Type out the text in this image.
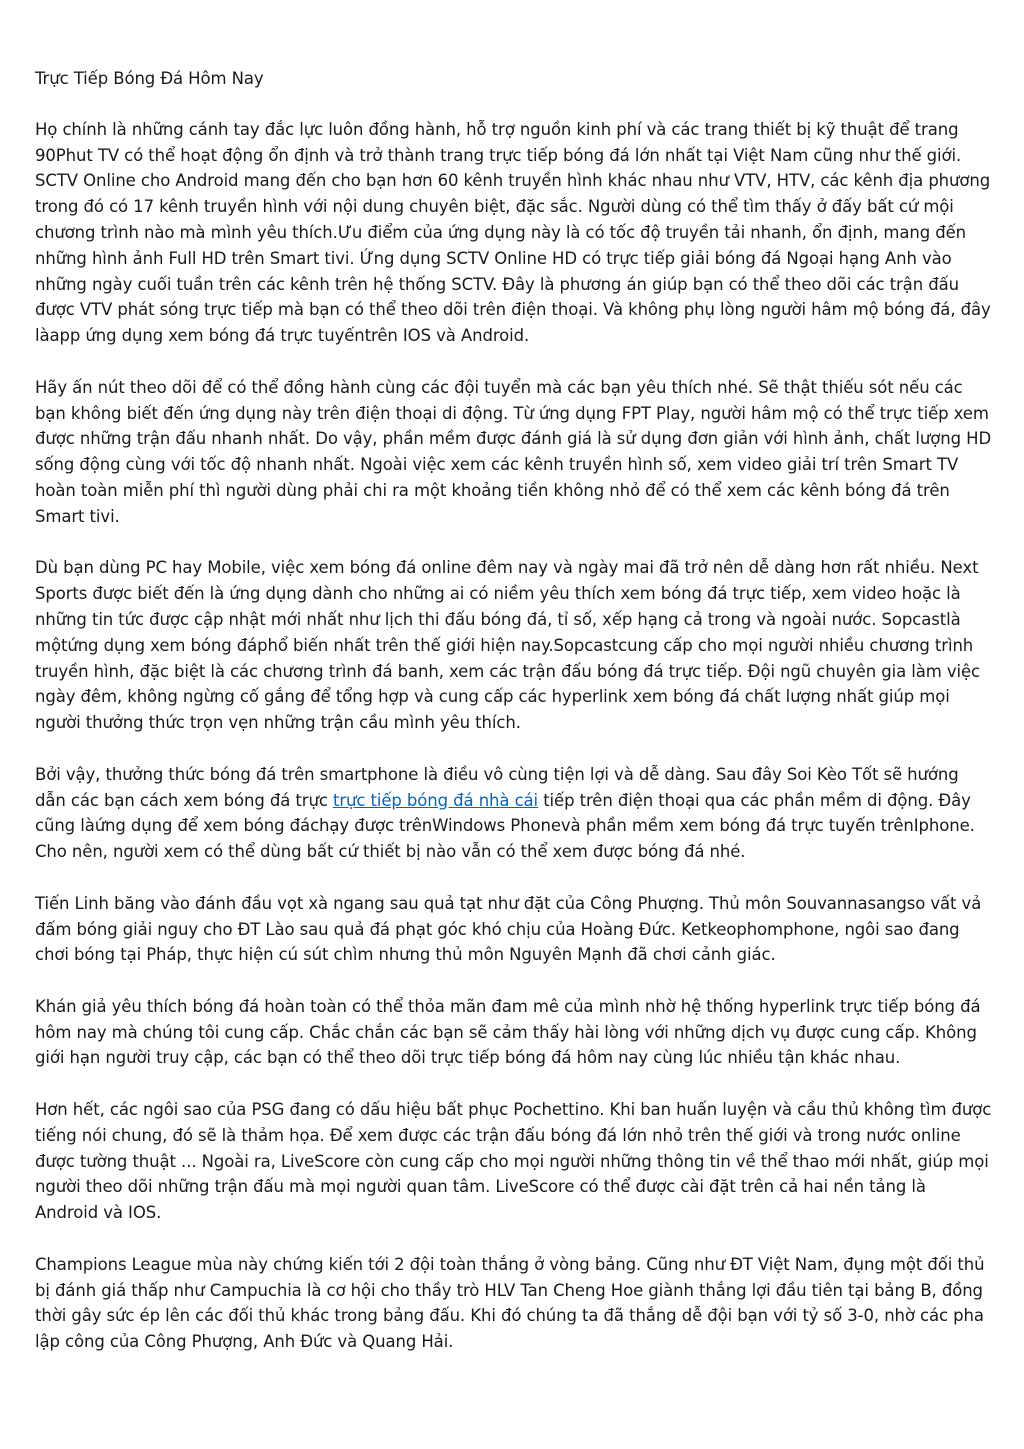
Trực Tiếp Bóng Đá Hôm Nay

Họ chính là những cánh tay đắc lực luôn đồng hành, hỗ trợ nguồn kinh phí và các trang thiết bị kỹ thuật để trang 90Phut TV có thể hoạt động ổn định và trở thành trang trực tiếp bóng đá lớn nhất tại Việt Nam cũng như thế giới. SCTV Online cho Android mang đến cho bạn hơn 60 kênh truyền hình khác nhau như VTV, HTV, các kênh địa phương trong đó có 17 kênh truyền hình với nội dung chuyên biệt, đặc sắc. Người dùng có thể tìm thấy ở đấy bất cứ mội chương trình nào mà mình yêu thích.Ưu điểm của ứng dụng này là có tốc độ truyền tải nhanh, ổn định, mang đến những hình ảnh Full HD trên Smart tivi. Ứng dụng SCTV Online HD có trực tiếp giải bóng đá Ngoại hạng Anh vào những ngày cuối tuần trên các kênh trên hệ thống SCTV. Đây là phương án giúp bạn có thể theo dõi các trận đấu được VTV phát sóng trực tiếp mà bạn có thể theo dõi trên điện thoại. Và không phụ lòng người hâm mộ bóng đá, đây làapp ứng dụng xem bóng đá trực tuyếntrên IOS và Android.

Hãy ấn nút theo dõi để có thể đồng hành cùng các đội tuyển mà các bạn yêu thích nhé. Sẽ thật thiếu sót nếu các bạn không biết đến ứng dụng này trên điện thoại di động. Từ ứng dụng FPT Play, người hâm mộ có thể trực tiếp xem được những trận đấu nhanh nhất. Do vậy, phần mềm được đánh giá là sử dụng đơn giản với hình ảnh, chất lượng HD sống động cùng với tốc độ nhanh nhất. Ngoài việc xem các kênh truyền hình số, xem video giải trí trên Smart TV hoàn toàn miễn phí thì người dùng phải chi ra một khoảng tiền không nhỏ để có thể xem các kênh bóng đá trên Smart tivi.

Dù bạn dùng PC hay Mobile, việc xem bóng đá online đêm nay và ngày mai đã trở nên dễ dàng hơn rất nhiều. Next Sports được biết đến là ứng dụng dành cho những ai có niềm yêu thích xem bóng đá trực tiếp, xem video hoặc là những tin tức được cập nhật mới nhất như lịch thi đấu bóng đá, tỉ số, xếp hạng cả trong và ngoài nước. Sopcastlà mộtứng dụng xem bóng đáphổ biến nhất trên thế giới hiện nay.Sopcastcung cấp cho mọi người nhiều chương trình truyền hình, đặc biệt là các chương trình đá banh, xem các trận đấu bóng đá trực tiếp. Đội ngũ chuyên gia làm việc ngày đêm, không ngừng cố gắng để tổng hợp và cung cấp các hyperlink xem bóng đá chất lượng nhất giúp mọi người thưởng thức trọn vẹn những trận cầu mình yêu thích.

Bởi vậy, thưởng thức bóng đá trên smartphone là điều vô cùng tiện lợi và dễ dàng. Sau đây Soi Kèo Tốt sẽ hướng dẫn các bạn cách xem bóng đá trực trực tiếp bóng đá nhà cái tiếp trên điện thoại qua các phần mềm di động. Đây cũng làứng dụng để xem bóng đáchạy được trênWindows Phonevà phần mềm xem bóng đá trực tuyến trênIphone. Cho nên, người xem có thể dùng bất cứ thiết bị nào vẫn có thể xem được bóng đá nhé.

Tiến Linh băng vào đánh đầu vọt xà ngang sau quả tạt như đặt của Công Phượng. Thủ môn Souvannasangso vất vả đấm bóng giải nguy cho ĐT Lào sau quả đá phạt góc khó chịu của Hoàng Đức. Ketkeophomphone, ngôi sao đang chơi bóng tại Pháp, thực hiện cú sút chìm nhưng thủ môn Nguyên Mạnh đã chơi cảnh giác.

Khán giả yêu thích bóng đá hoàn toàn có thể thỏa mãn đam mê của mình nhờ hệ thống hyperlink trực tiếp bóng đá hôm nay mà chúng tôi cung cấp. Chắc chắn các bạn sẽ cảm thấy hài lòng với những dịch vụ được cung cấp. Không giới hạn người truy cập, các bạn có thể theo dõi trực tiếp bóng đá hôm nay cùng lúc nhiều tận khác nhau.

Hơn hết, các ngôi sao của PSG đang có dấu hiệu bất phục Pochettino. Khi ban huấn luyện và cầu thủ không tìm được tiếng nói chung, đó sẽ là thảm họa. Để xem được các trận đấu bóng đá lớn nhỏ trên thế giới và trong nước online được tường thuật ... Ngoài ra, LiveScore còn cung cấp cho mọi người những thông tin về thể thao mới nhất, giúp mọi người theo dõi những trận đấu mà mọi người quan tâm. LiveScore có thể được cài đặt trên cả hai nền tảng là Android và IOS.

Champions League mùa này chứng kiến tới 2 đội toàn thắng ở vòng bảng. Cũng như ĐT Việt Nam, đụng một đối thủ bị đánh giá thấp như Campuchia là cơ hội cho thầy trò HLV Tan Cheng Hoe giành thắng lợi đầu tiên tại bảng B, đồng thời gây sức ép lên các đối thủ khác trong bảng đấu. Khi đó chúng ta đã thắng dễ đội bạn với tỷ số 3-0, nhờ các pha lập công của Công Phượng, Anh Đức và Quang Hải.
